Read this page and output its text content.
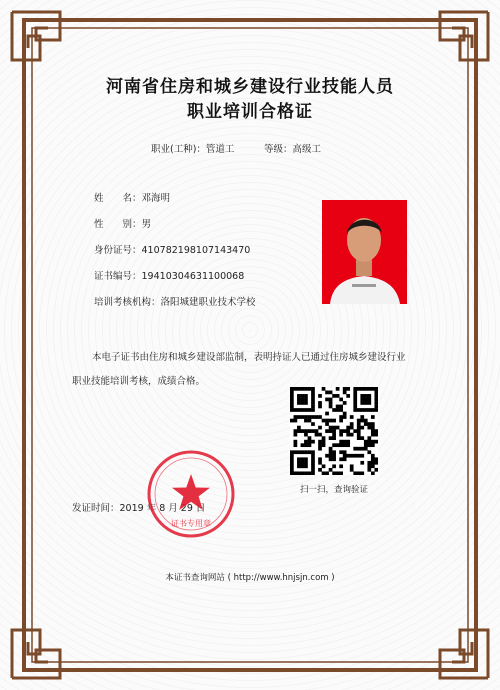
河南省住房和城乡建设行业技能人员
职业培训合格证
职业(工种)：管道工	等级：高级工
姓　　名：邓海明
性　　别：男
身份证号：410782198107143470
证书编号：19410304631100068
培训考核机构：洛阳城建职业技术学校
本电子证书由住房和城乡建设部监制，表明持证人已通过住房城乡建设行业
职业技能培训考核，成绩合格。
扫一扫，查询验证
发证时间：2019 年 8 月 29 日
证书专用章
本证书查询网站 ( http://www.hnjsjn.com )
